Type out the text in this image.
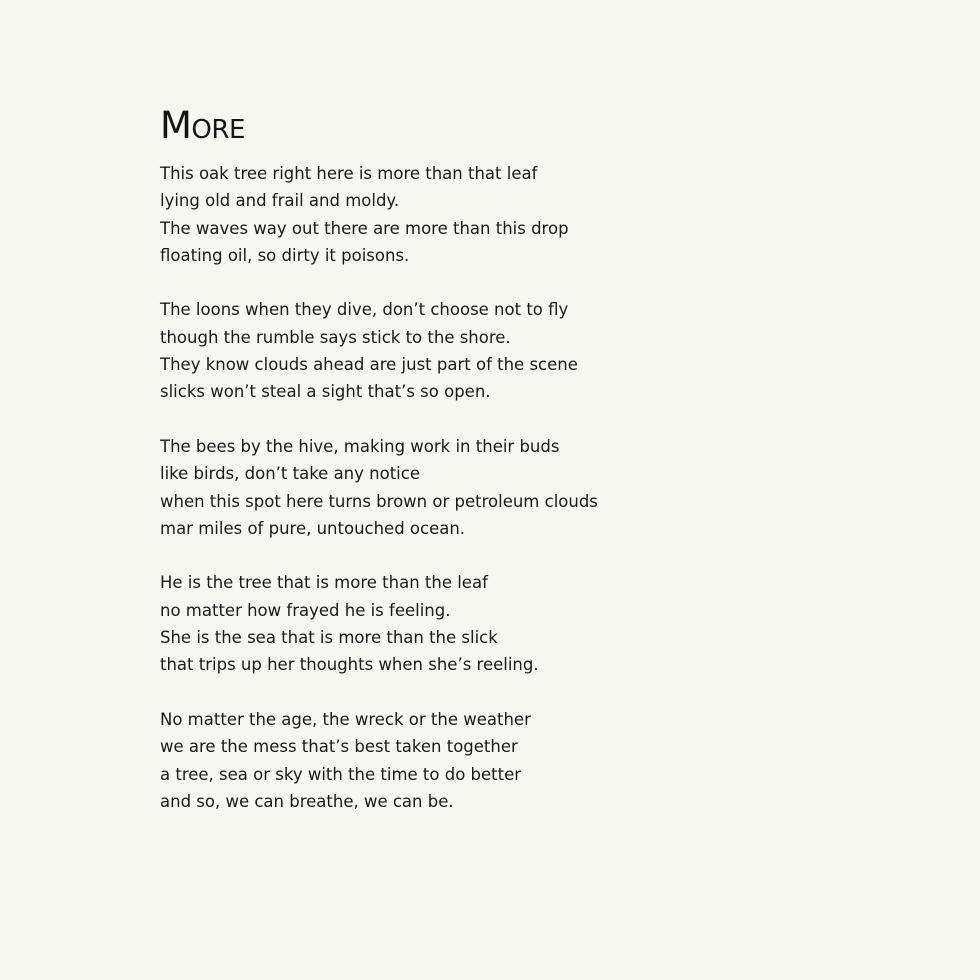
More
This oak tree right here is more than that leaf
lying old and frail and moldy.
The waves way out there are more than this drop
floating oil, so dirty it poisons.
The loons when they dive, don’t choose not to fly
though the rumble says stick to the shore.
They know clouds ahead are just part of the scene
slicks won’t steal a sight that’s so open.
The bees by the hive, making work in their buds
like birds, don’t take any notice
when this spot here turns brown or petroleum clouds
mar miles of pure, untouched ocean.
He is the tree that is more than the leaf
no matter how frayed he is feeling.
She is the sea that is more than the slick
that trips up her thoughts when she’s reeling.
No matter the age, the wreck or the weather
we are the mess that’s best taken together
a tree, sea or sky with the time to do better
and so, we can breathe, we can be.
